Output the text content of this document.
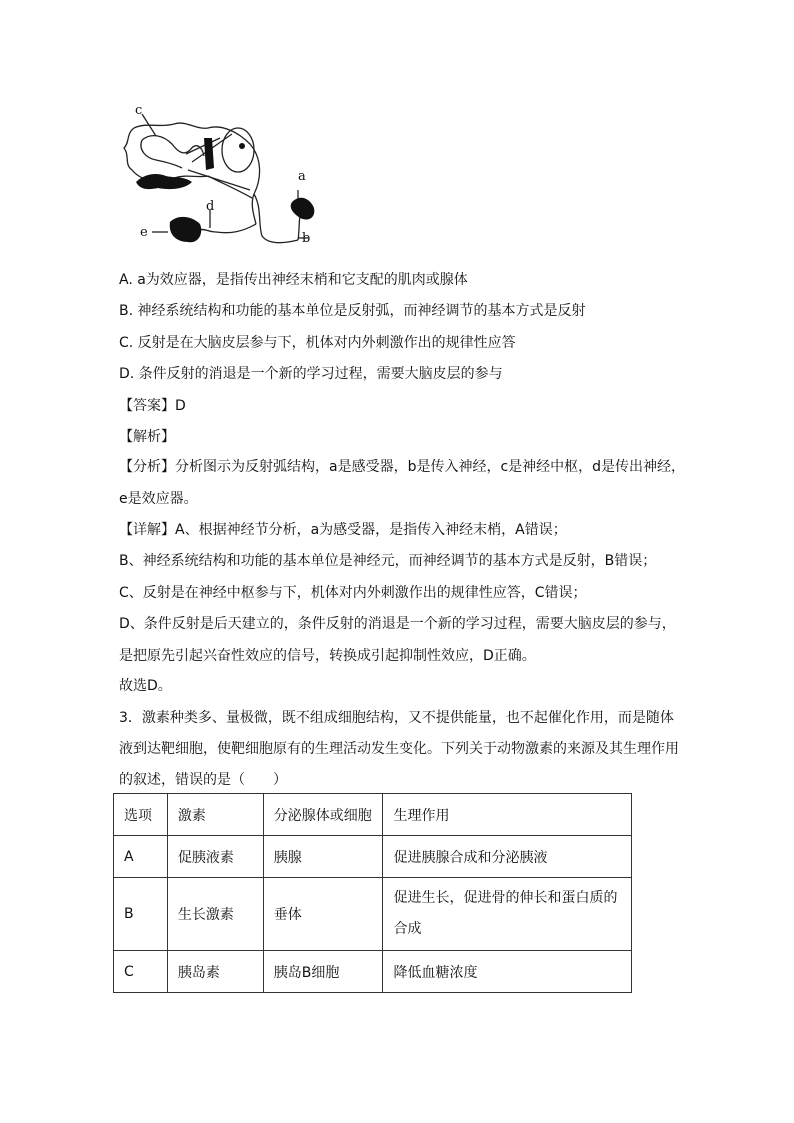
c
a
b
d
e
A. a为效应器，是指传出神经末梢和它支配的肌肉或腺体
B. 神经系统结构和功能的基本单位是反射弧，而神经调节的基本方式是反射
C. 反射是在大脑皮层参与下，机体对内外刺激作出的规律性应答
D. 条件反射的消退是一个新的学习过程，需要大脑皮层的参与
【答案】D
【解析】
【分析】分析图示为反射弧结构，a是感受器，b是传入神经，c是神经中枢，d是传出神经，
e是效应器。
【详解】A、根据神经节分析，a为感受器，是指传入神经末梢，A错误；
B、神经系统结构和功能的基本单位是神经元，而神经调节的基本方式是反射，B错误；
C、反射是在神经中枢参与下，机体对内外刺激作出的规律性应答，C错误；
D、条件反射是后天建立的，条件反射的消退是一个新的学习过程，需要大脑皮层的参与，
是把原先引起兴奋性效应的信号，转换成引起抑制性效应，D正确。
故选D。
3．激素种类多、量极微，既不组成细胞结构，又不提供能量，也不起催化作用，而是随体
液到达靶细胞，使靶细胞原有的生理活动发生变化。下列关于动物激素的来源及其生理作用
的叙述，错误的是（　　）
选项	激素	分泌腺体或细胞	生理作用
A	促胰液素	胰腺	促进胰腺合成和分泌胰液
B	生长激素	垂体	促进生长，促进骨的伸长和蛋白质的
合成

C	胰岛素	胰岛B细胞	降低血糖浓度
